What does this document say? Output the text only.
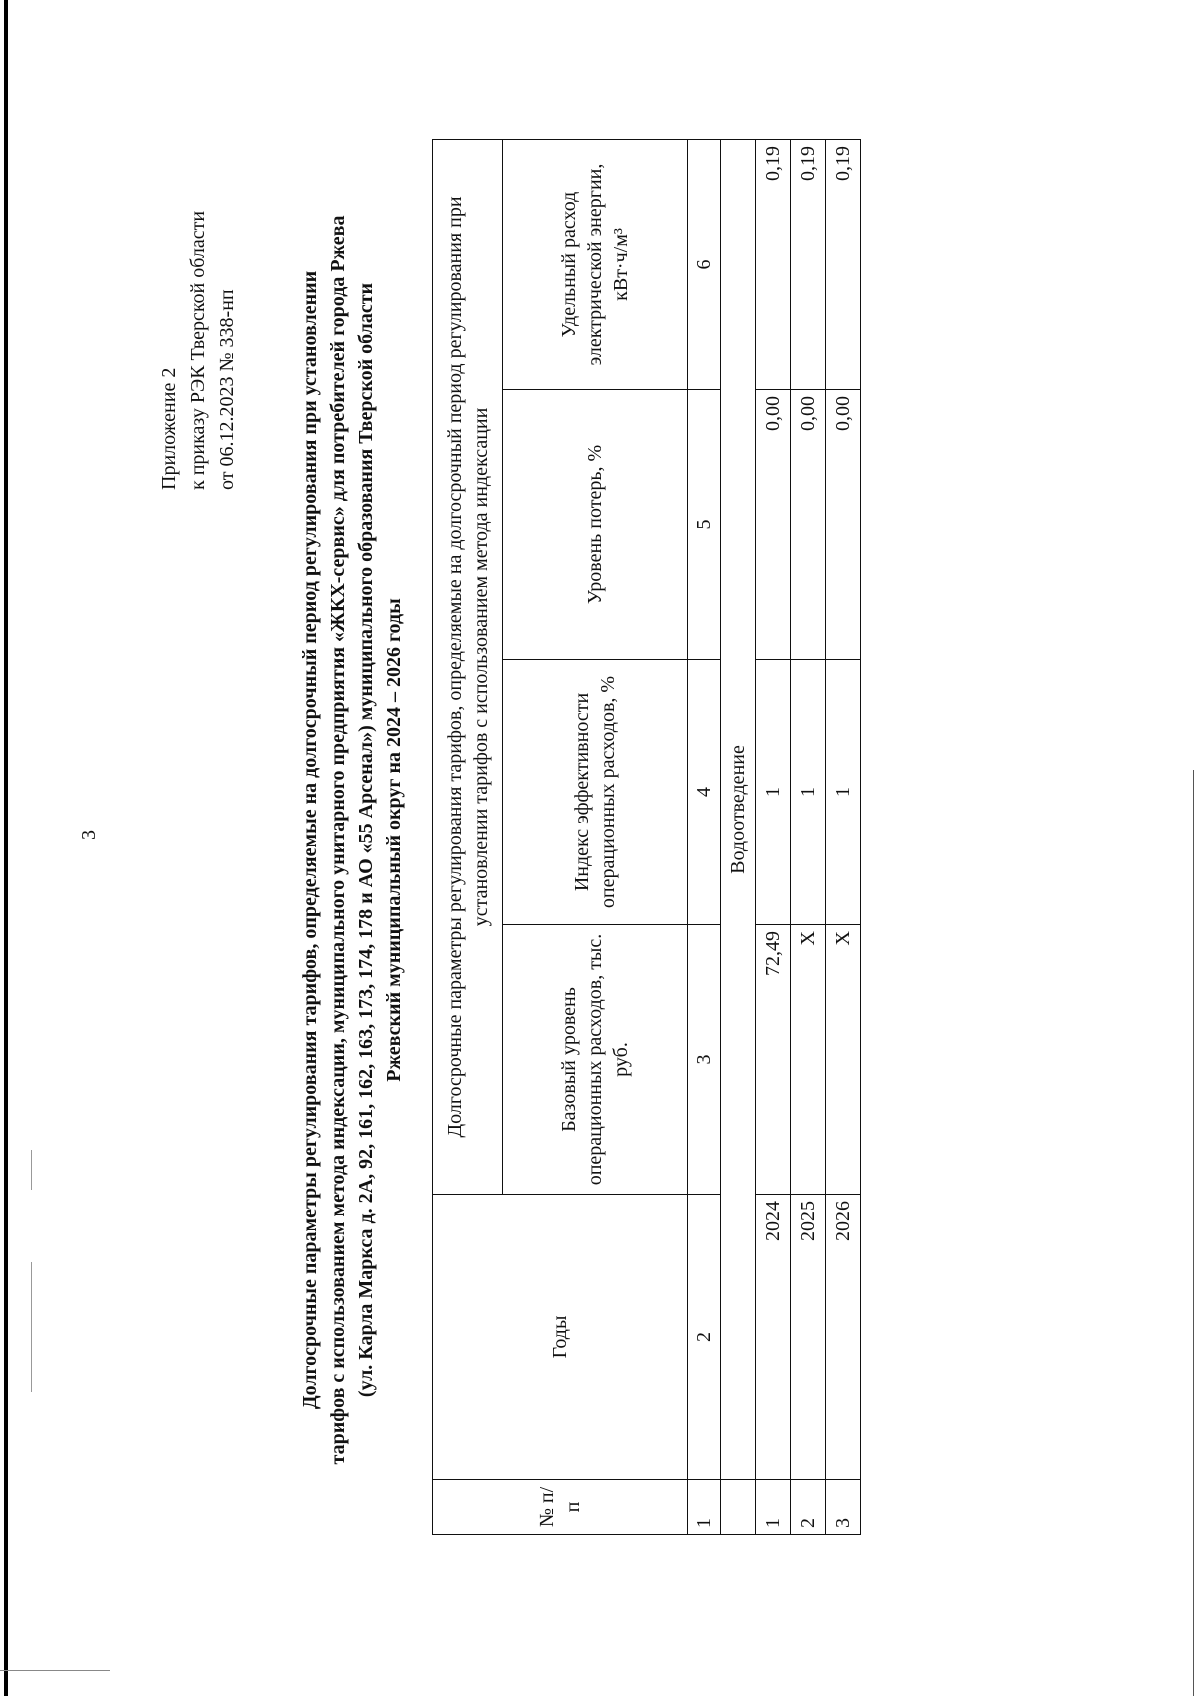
3
Приложение 2 к приказу РЭК Тверской области от 06.12.2023 № 338-нп	Долгосрочные параметры регулирования тарифов, определяемые на долгосрочный период регулирования при установлении тарифов с использованием метода индексации, муниципального унитарного предприятия «ЖКХ-сервис» для потребителей города Ржева (ул. Карла Маркса д. 2А, 92, 161, 162, 163, 173, 174, 178 и АО «55 Арсенал») муниципального образования Тверской области Ржевский муниципальный округ на 2024 – 2026 годы
№ п/п	Годы	Долгосрочные параметры регулирования тарифов, определяемые на долгосрочный период регулирования при установлении тарифов с использованием метода индексации			
		Базовый уровень операционных расходов, тыс. руб.	Индекс эффективности операционных расходов, %	Уровень потерь, %	Удельный расход электрической энергии, кВт·ч/м³
1	2	3	4	5	6
	Водоотведение				
1	2024	72,49	1	0,00	0,19
2	2025	Х	1	0,00	0,19
3	2026	Х	1	0,00	0,19
